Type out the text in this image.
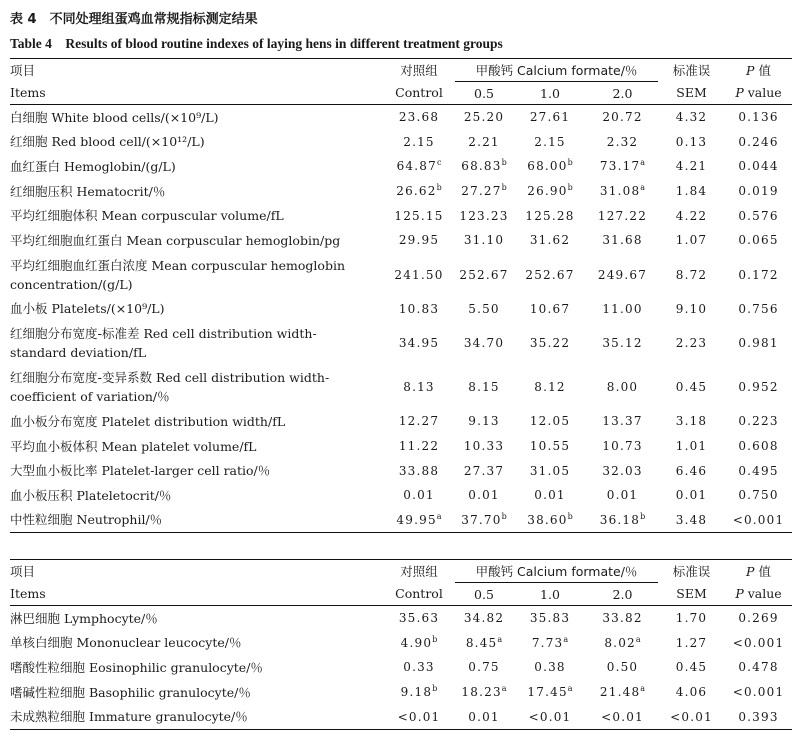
表 4　不同处理组蛋鸡血常规指标测定结果
Table 4　Results of blood routine indexes of laying hens in different treatment groups
项目	对照组	甲酸钙 Calcium formate/％			标准误	P 值
Items	Control	0.5	1.0	2.0	SEM	P value
白细胞 White blood cells/(×10⁹/L)	23.68	25.20	27.61	20.72	4.32	0.136
红细胞 Red blood cell/(×10¹²/L)	2.15	2.21	2.15	2.32	0.13	0.246
血红蛋白 Hemoglobin/(g/L)	64.87$^c$	68.83$^b$	68.00$^b$	73.17$^a$	4.21	0.044
红细胞压积 Hematocrit/％	26.62$^b$	27.27$^b$	26.90$^b$	31.08$^a$	1.84	0.019
平均红细胞体积 Mean corpuscular volume/fL	125.15	123.23	125.28	127.22	4.22	0.576
平均红细胞血红蛋白 Mean corpuscular hemoglobin/pg	29.95	31.10	31.62	31.68	1.07	0.065
平均红细胞血红蛋白浓度 Mean corpuscular hemoglobin
concentration/(g/L)	241.50	252.67	252.67	249.67	8.72	0.172
血小板 Platelets/(×10⁹/L)	10.83	5.50	10.67	11.00	9.10	0.756
红细胞分布宽度-标准差 Red cell distribution width-
standard deviation/fL	34.95	34.70	35.22	35.12	2.23	0.981
红细胞分布宽度-变异系数 Red cell distribution width-
coefficient of variation/％	8.13	8.15	8.12	8.00	0.45	0.952
血小板分布宽度 Platelet distribution width/fL	12.27	9.13	12.05	13.37	3.18	0.223
平均血小板体积 Mean platelet volume/fL	11.22	10.33	10.55	10.73	1.01	0.608
大型血小板比率 Platelet-larger cell ratio/％	33.88	27.37	31.05	32.03	6.46	0.495
血小板压积 Plateletocrit/％	0.01	0.01	0.01	0.01	0.01	0.750
中性粒细胞 Neutrophil/％	49.95$^a$	37.70$^b$	38.60$^b$	36.18$^b$	3.48	<0.001
项目	对照组	甲酸钙 Calcium formate/％			标准误	P 值
Items	Control	0.5	1.0	2.0	SEM	P value
淋巴细胞 Lymphocyte/％	35.63	34.82	35.83	33.82	1.70	0.269
单核白细胞 Mononuclear leucocyte/％	4.90$^b$	8.45$^a$	7.73$^a$	8.02$^a$	1.27	<0.001
嗜酸性粒细胞 Eosinophilic granulocyte/％	0.33	0.75	0.38	0.50	0.45	0.478
嗜碱性粒细胞 Basophilic granulocyte/％	9.18$^b$	18.23$^a$	17.45$^a$	21.48$^a$	4.06	<0.001
未成熟粒细胞 Immature granulocyte/％	<0.01	0.01	<0.01	<0.01	<0.01	0.393
